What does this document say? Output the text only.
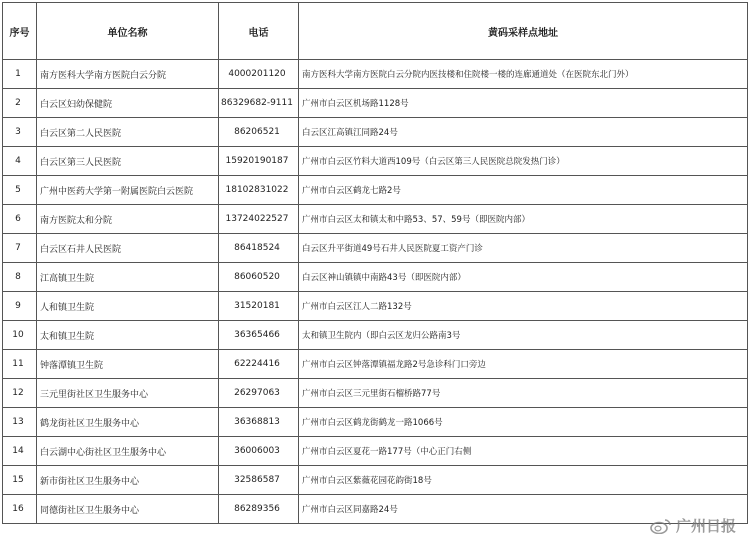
序号	单位名称	电话	黄码采样点地址
1	南方医科大学南方医院白云分院	4000201120	南方医科大学南方医院白云分院内医技楼和住院楼一楼的连廊通道处（在医院东北门外）
2	白云区妇幼保健院	86329682-9111	广州市白云区机场路1128号
3	白云区第二人民医院	86206521	白云区江高镇江同路24号
4	白云区第三人民医院	15920190187	广州市白云区竹料大道西109号（白云区第三人民医院总院发热门诊）
5	广州中医药大学第一附属医院白云医院	18102831022	广州市白云区鹤龙七路2号
6	南方医院太和分院	13724022527	广州市白云区太和镇太和中路53、57、59号（即医院内部）
7	白云区石井人民医院	86418524	白云区升平街道49号石井人民医院夏工资产门诊
8	江高镇卫生院	86060520	白云区神山镇镇中南路43号（即医院内部）
9	人和镇卫生院	31520181	广州市白云区江人二路132号
10	太和镇卫生院	36365466	太和镇卫生院内（即白云区龙归公路南3号
11	钟落潭镇卫生院	62224416	广州市白云区钟落潭镇福龙路2号急诊科门口旁边
12	三元里街社区卫生服务中心	26297063	广州市白云区三元里街石榴桥路77号
13	鹤龙街社区卫生服务中心	36368813	广州市白云区鹤龙街鹤龙一路1066号
14	白云湖中心街社区卫生服务中心	36006003	广州市白云区夏花一路177号（中心正门右侧
15	新市街社区卫生服务中心	32586587	广州市白云区紫薇花园花韵街18号
16	同德街社区卫生服务中心	86289356	广州市白云区同嘉路24号
广州日报
